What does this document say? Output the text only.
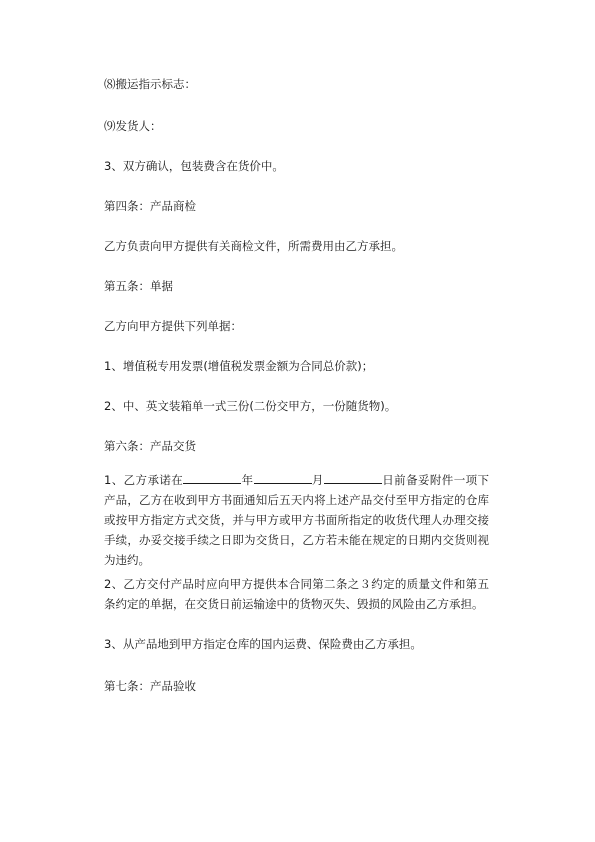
⑻搬运指示标志：
⑼发货人：
3、双方确认，包装费含在货价中。
第四条：产品商检
乙方负责向甲方提供有关商检文件，所需费用由乙方承担。
第五条：单据
乙方向甲方提供下列单据：
1、增值税专用发票(增值税发票金额为合同总价款)；
2、中、英文装箱单一式三份(二份交甲方，一份随货物)。
第六条：产品交货
1、乙方承诺在	年	月	日前备妥附件一项下产品，乙方在收到甲方书面通知后五天内将上述产品交付至甲方指定的仓库或按甲方指定方式交货，并与甲方或甲方书面所指定的收货代理人办理交接手续，办妥交接手续之日即为交货日，乙方若未能在规定的日期内交货则视为违约。
2、乙方交付产品时应向甲方提供本合同第二条之３约定的质量文件和第五条约定的单据，在交货日前运输途中的货物灭失、毁损的风险由乙方承担。
3、从产品地到甲方指定仓库的国内运费、保险费由乙方承担。
第七条：产品验收
